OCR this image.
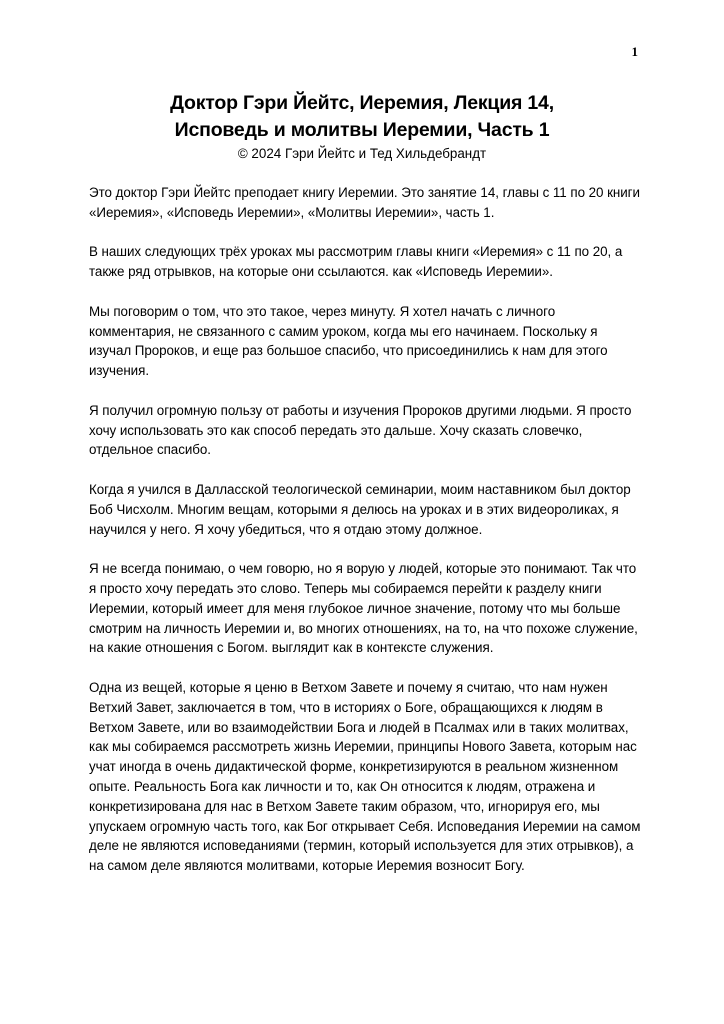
1

Доктор Гэри Йейтс, Иеремия, Лекция 14,

Исповедь и молитвы Иеремии, Часть 1

© 2024 Гэри Йейтс и Тед Хильдебрандт

Это доктор Гэри Йейтс преподает книгу Иеремии. Это занятие 14, главы с 11 по 20 книги «Иеремия», «Исповедь Иеремии», «Молитвы Иеремии», часть 1.

В наших следующих трёх уроках мы рассмотрим главы книги «Иеремия» с 11 по 20, а также ряд отрывков, на которые они ссылаются. как «Исповедь Иеремии».

Мы поговорим о том, что это такое, через минуту. Я хотел начать с личного комментария, не связанного с самим уроком, когда мы его начинаем. Поскольку я изучал Пророков, и еще раз большое спасибо, что присоединились к нам для этого изучения.

Я получил огромную пользу от работы и изучения Пророков другими людьми. Я просто хочу использовать это как способ передать это дальше. Хочу сказать словечко, отдельное спасибо.

Когда я учился в Далласской теологической семинарии, моим наставником был доктор Боб Чисхолм. Многим вещам, которыми я делюсь на уроках и в этих видеороликах, я научился у него. Я хочу убедиться, что я отдаю этому должное.

Я не всегда понимаю, о чем говорю, но я ворую у людей, которые это понимают. Так что я просто хочу передать это слово. Теперь мы собираемся перейти к разделу книги Иеремии, который имеет для меня глубокое личное значение, потому что мы больше смотрим на личность Иеремии и, во многих отношениях, на то, на что похоже служение, на какие отношения с Богом. выглядит как в контексте служения.

Одна из вещей, которые я ценю в Ветхом Завете и почему я считаю, что нам нужен Ветхий Завет, заключается в том, что в историях о Боге, обращающихся к людям в Ветхом Завете, или во взаимодействии Бога и людей в Псалмах или в таких молитвах, как мы собираемся рассмотреть жизнь Иеремии, принципы Нового Завета, которым нас учат иногда в очень дидактической форме, конкретизируются в реальном жизненном опыте. Реальность Бога как личности и то, как Он относится к людям, отражена и конкретизирована для нас в Ветхом Завете таким образом, что, игнорируя его, мы упускаем огромную часть того, как Бог открывает Себя. Исповедания Иеремии на самом деле не являются исповеданиями (термин, который используется для этих отрывков), а на самом деле являются молитвами, которые Иеремия возносит Богу.
